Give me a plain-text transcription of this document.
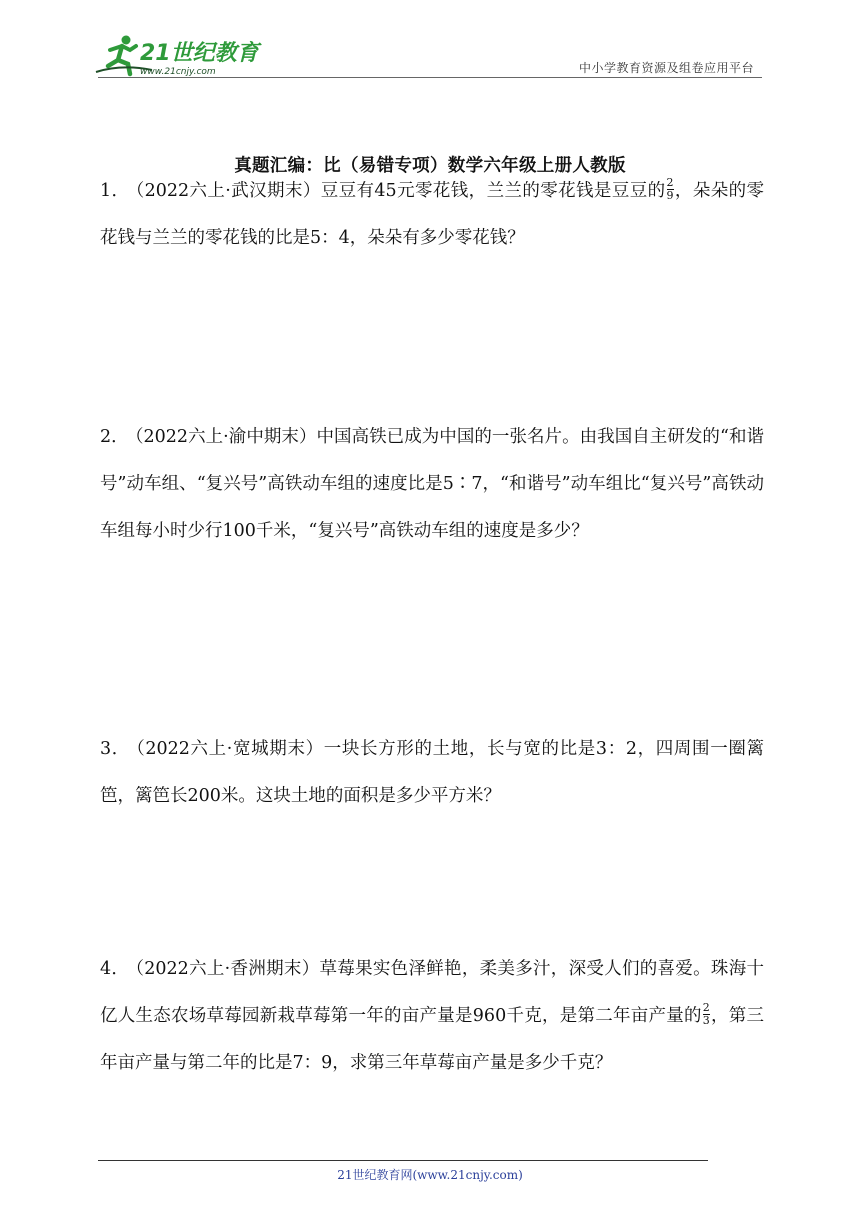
21世纪教育
www.21cnjy.com	中小学教育资源及组卷应用平台
真题汇编：比（易错专项）数学六年级上册人教版
1． （2022六上·武汉期末）豆豆有45元零花钱，兰兰的零花钱是豆豆的 $\frac{2}{9}$ ，朵朵的零花钱与兰兰的零花钱的比是5：4，朵朵有多少零花钱？
2． （2022六上·渝中期末）中国高铁已成为中国的一张名片。由我国自主研发的“和谐号”动车组、“复兴号”高铁动车组的速度比是5∶7，“和谐号”动车组比“复兴号”高铁动车组每小时少行100千米，“复兴号”高铁动车组的速度是多少？
3． （2022六上·宽城期末）一块长方形的土地，长与宽的比是3：2，四周围一圈篱笆，篱笆长200米。这块土地的面积是多少平方米？
4． （2022六上·香洲期末）草莓果实色泽鲜艳，柔美多汁，深受人们的喜爱。珠海十亿人生态农场草莓园新栽草莓第一年的亩产量是960千克，是第二年亩产量的 $\frac{2}{3}$ ，第三年亩产量与第二年的比是7：9，求第三年草莓亩产量是多少千克？
21世纪教育网(www.21cnjy.com)
